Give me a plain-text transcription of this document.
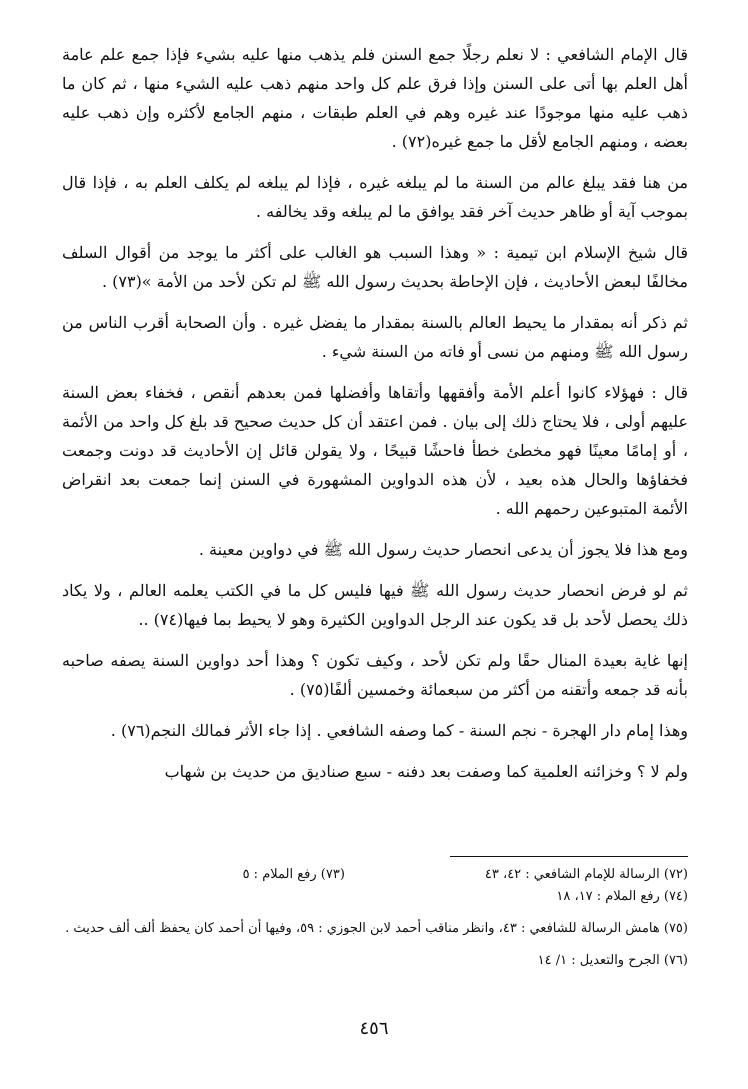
قال الإمام الشافعي : لا نعلم رجلًا جمع السنن فلم يذهب منها عليه بشيء فإذا جمع علم عامة أهل العلم بها أتى على السنن وإذا فرق علم كل واحد منهم ذهب عليه الشيء منها ، ثم كان ما ذهب عليه منها موجودًا عند غيره وهم في العلم طبقات ، منهم الجامع لأكثره وإن ذهب عليه بعضه ، ومنهم الجامع لأقل ما جمع غيره(٧٢) .

من هنا فقد يبلغ عالم من السنة ما لم يبلغه غيره ، فإذا لم يبلغه لم يكلف العلم به ، فإذا قال بموجب آية أو ظاهر حديث آخر فقد يوافق ما لم يبلغه وقد يخالفه .

قال شيخ الإسلام ابن تيمية : « وهذا السبب هو الغالب على أكثر ما يوجد من أقوال السلف مخالفًا لبعض الأحاديث ، فإن الإحاطة بحديث رسول الله ﷺ لم تكن لأحد من الأمة »(٧٣) .

ثم ذكر أنه بمقدار ما يحيط العالم بالسنة بمقدار ما يفضل غيره . وأن الصحابة أقرب الناس من رسول الله ﷺ ومنهم من نسى أو فاته من السنة شيء .

قال : فهؤلاء كانوا أعلم الأمة وأفقهها وأتقاها وأفضلها فمن بعدهم أنقص ، فخفاء بعض السنة عليهم أولى ، فلا يحتاج ذلك إلى بيان . فمن اعتقد أن كل حديث صحيح قد بلغ كل واحد من الأئمة ، أو إمامًا معينًا فهو مخطئ خطأ فاحشًا قبيحًا ، ولا يقولن قائل إن الأحاديث قد دونت وجمعت فخفاؤها والحال هذه بعيد ، لأن هذه الدواوين المشهورة في السنن إنما جمعت بعد انقراض الأئمة المتبوعين رحمهم الله .

ومع هذا فلا يجوز أن يدعى انحصار حديث رسول الله ﷺ في دواوين معينة .

ثم لو فرض انحصار حديث رسول الله ﷺ فيها فليس كل ما في الكتب يعلمه العالم ، ولا يكاد ذلك يحصل لأحد بل قد يكون عند الرجل الدواوين الكثيرة وهو لا يحيط بما فيها(٧٤) ..

إنها غاية بعيدة المنال حقًا ولم تكن لأحد ، وكيف تكون ؟ وهذا أحد دواوين السنة يصفه صاحبه بأنه قد جمعه وأتقنه من أكثر من سبعمائة وخمسين ألفًا(٧٥) .

وهذا إمام دار الهجرة - نجم السنة - كما وصفه الشافعي . إذا جاء الأثر فمالك النجم(٧٦) .

ولم لا ؟ وخزائنه العلمية كما وصفت بعد دفنه - سبع صناديق من حديث بن شهاب

(٧٢) الرسالة للإمام الشافعي : ٤٢، ٤٣

(٧٣) رفع الملام : ٥

(٧٤) رفع الملام : ١٧، ١٨

(٧٥) هامش الرسالة للشافعي : ٤٣، وانظر مناقب أحمد لابن الجوزي : ٥٩، وفيها أن أحمد كان يحفظ ألف ألف حديث .

(٧٦) الجرح والتعديل : ١/ ١٤

٤٥٦
